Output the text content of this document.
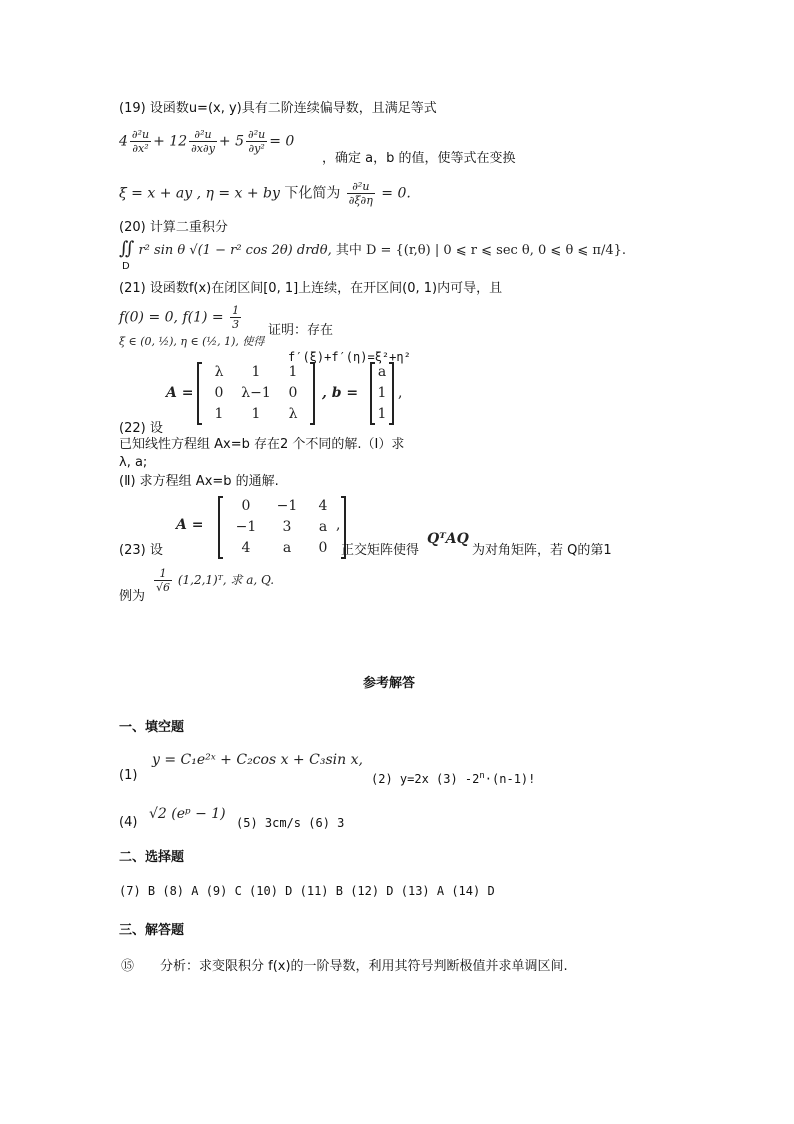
(19) 设函数u=(x, y)具有二阶连续偏导数，且满足等式
$4 \frac{\text{∂²u}}{\text{∂x²}} + 12 \frac{\text{∂²u}}{\partial x\partial y} + 5 \frac{\text{∂²u}}{\text{∂y²}} = 0$
，确定 a，b 的值，使等式在变换
ξ = x + ay , η = x + by 下化简为 $\frac{\text{∂²u}}{\partial\xi\partial\eta} = 0$.
(20) 计算二重积分
∬ r² sin θ √(1 − r² cos 2θ) drdθ, 其中 D = {(r,θ) | 0 ⩽ r ⩽ sec θ, 0 ⩽ θ ⩽ π/4}.
D
(21) 设函数f(x)在闭区间[0, 1]上连续，在开区间(0, 1)内可导，且
f(0) = 0, $f(1) = \frac{1}{3}$ 证明：存在
ξ ∈ (0, ½), η ∈ (½, 1), 使得
f′(ξ)+f′(η)=ξ²+η²
A =
λ	1	1
0	λ−1	0
1	1	λ
, b =
a
1
1
,
(22) 设
已知线性方程组 Ax=b 存在2 个不同的解.（Ⅰ）求
λ, a;
(Ⅱ) 求方程组 Ax=b 的通解.
A =
0	−1	4
−1	3	a
4	a	0
,
(23) 设	正交矩阵使得
QᵀAQ
为对角矩阵，若 Q的第1
$\frac{1}{√6}$ (1,2,1)ᵀ, 求 a, Q.
例为
参考解答
一、填空题
(1)
y = C₁e²ˣ + C₂cos x + C₃sin x,
(2) y=2x (3) $-2^n\cdot(n-1)$!
(4)
√2 (eᵖ − 1)
(5) 3cm/s (6) 3
二、选择题
(7) B (8) A (9) C (10) D (11) B (12) D (13) A (14) D
三、解答题
⑮ 分析：求变限积分 f(x)的一阶导数，利用其符号判断极值并求单调区间.
